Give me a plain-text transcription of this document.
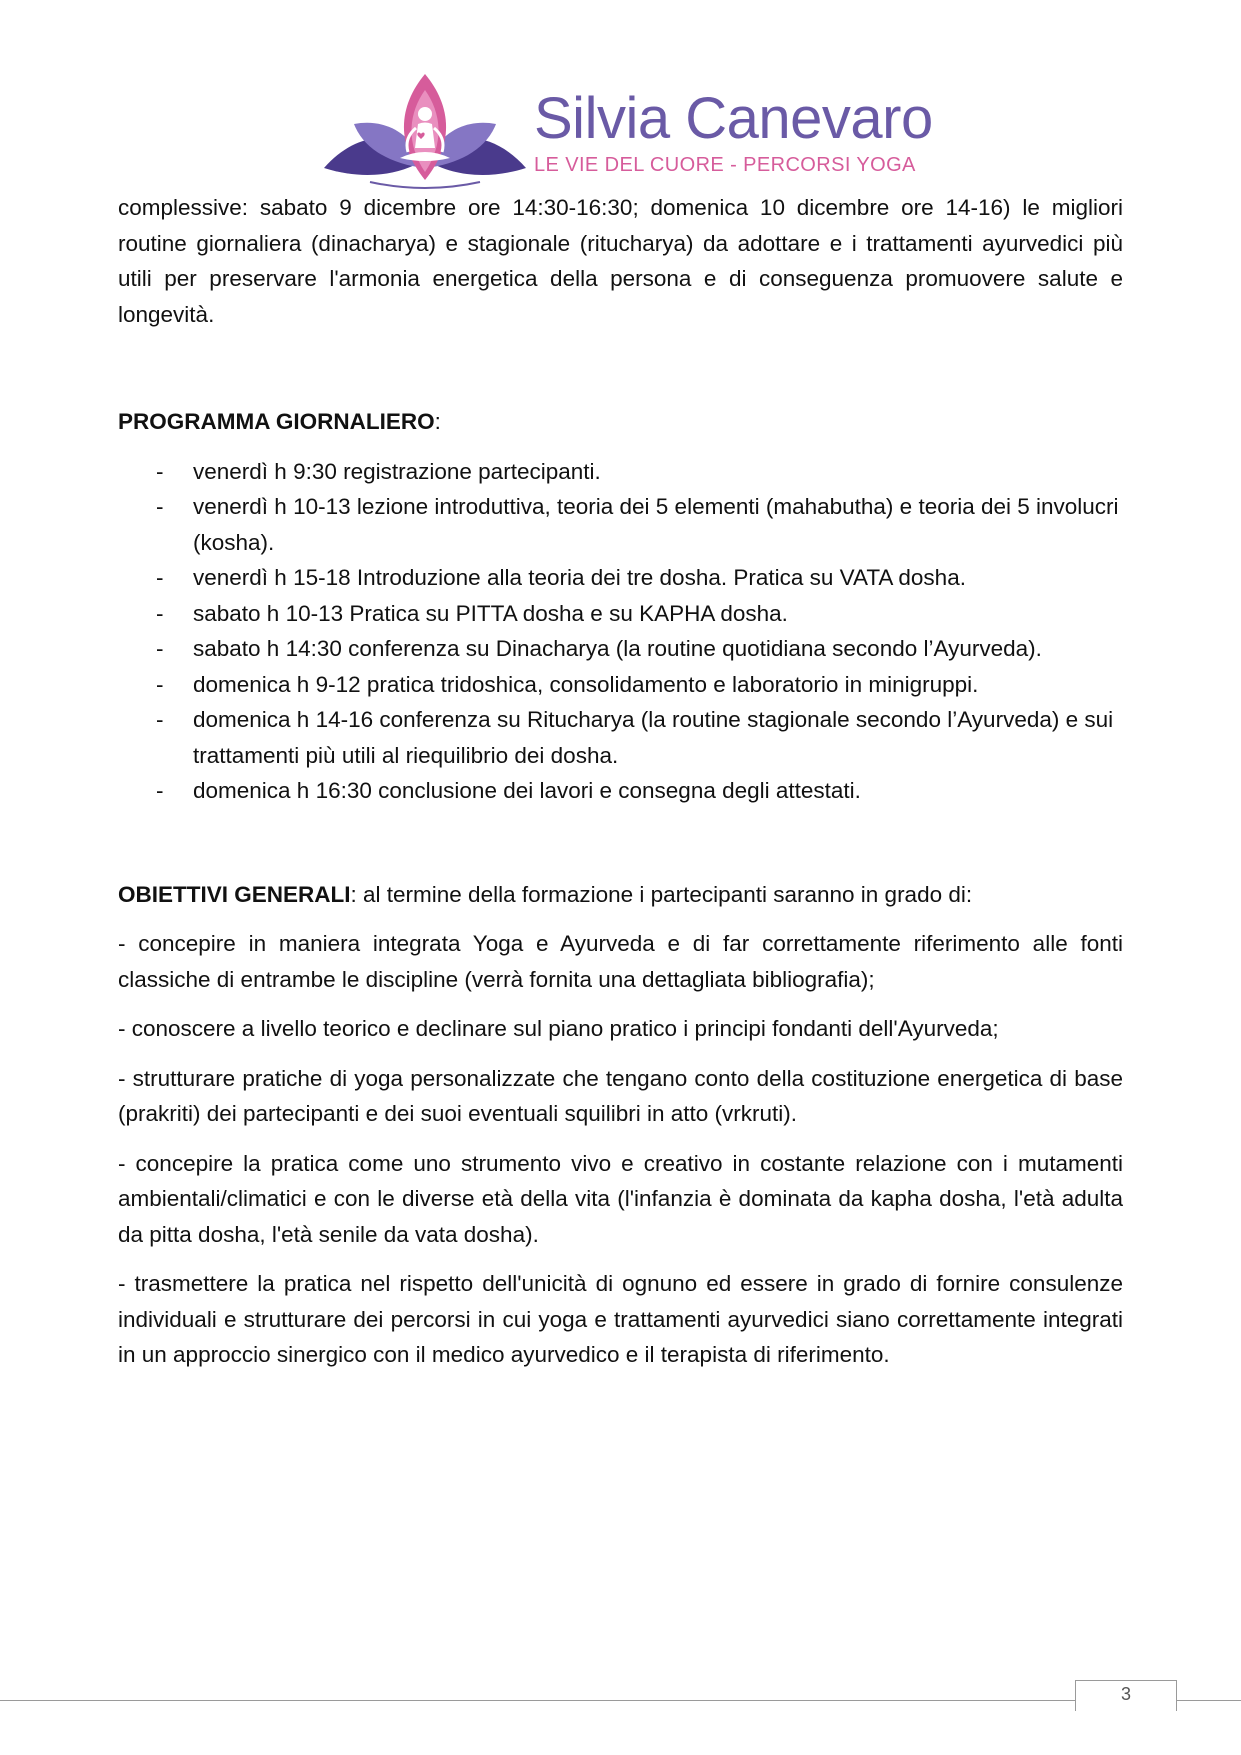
Silvia Canevaro
LE VIE DEL CUORE - PERCORSI YOGA

complessive: sabato 9 dicembre ore 14:30-16:30; domenica 10 dicembre ore 14-16) le migliori routine giornaliera (dinacharya) e stagionale (ritucharya) da adottare e i trattamenti ayurvedici più utili per preservare l'armonia energetica della persona e di conseguenza promuovere salute e longevità.

PROGRAMMA GIORNALIERO:

- venerdì h 9:30 registrazione partecipanti.
- venerdì h 10-13 lezione introduttiva, teoria dei 5 elementi (mahabutha) e teoria dei 5 involucri (kosha).
- venerdì h 15-18 Introduzione alla teoria dei tre dosha. Pratica su VATA dosha.
- sabato h 10-13 Pratica su PITTA dosha e su KAPHA dosha.
- sabato h 14:30 conferenza su Dinacharya (la routine quotidiana secondo l’Ayurveda).
- domenica h 9-12 pratica tridoshica, consolidamento e laboratorio in minigruppi.
- domenica h 14-16 conferenza su Ritucharya (la routine stagionale secondo l’Ayurveda) e sui trattamenti più utili al riequilibrio dei dosha.
- domenica h 16:30 conclusione dei lavori e consegna degli attestati.

OBIETTIVI GENERALI: al termine della formazione i partecipanti saranno in grado di:

- concepire in maniera integrata Yoga e Ayurveda e di far correttamente riferimento alle fonti classiche di entrambe le discipline (verrà fornita una dettagliata bibliografia);

- conoscere a livello teorico e declinare sul piano pratico i principi fondanti dell'Ayurveda;

- strutturare pratiche di yoga personalizzate che tengano conto della costituzione energetica di base (prakriti) dei partecipanti e dei suoi eventuali squilibri in atto (vrkruti).

- concepire la pratica come uno strumento vivo e creativo in costante relazione con i mutamenti ambientali/climatici e con le diverse età della vita (l'infanzia è dominata da kapha dosha, l'età adulta da pitta dosha, l'età senile da vata dosha).

- trasmettere la pratica nel rispetto dell'unicità di ognuno ed essere in grado di fornire consulenze individuali e strutturare dei percorsi in cui yoga e trattamenti ayurvedici siano correttamente integrati in un approccio sinergico con il medico ayurvedico e il terapista di riferimento.

3
